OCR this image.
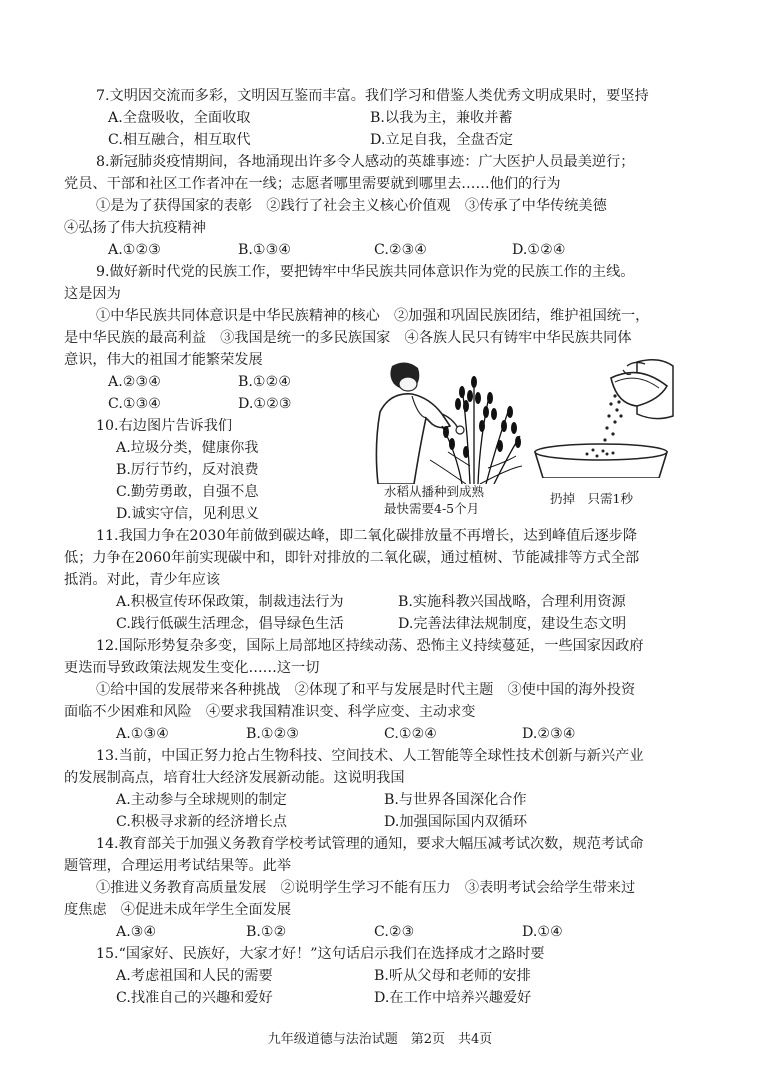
7.文明因交流而多彩，文明因互鉴而丰富。我们学习和借鉴人类优秀文明成果时，要坚持
A.全盘吸收，全面收取	B.以我为主，兼收并蓄
C.相互融合，相互取代	D.立足自我，全盘否定
8.新冠肺炎疫情期间，各地涌现出许多令人感动的英雄事迹：广大医护人员最美逆行；
党员、干部和社区工作者冲在一线；志愿者哪里需要就到哪里去……他们的行为
①是为了获得国家的表彰　②践行了社会主义核心价值观　③传承了中华传统美德
④弘扬了伟大抗疫精神
A.①②③	B.①③④	C.②③④	D.①②④
9.做好新时代党的民族工作，要把铸牢中华民族共同体意识作为党的民族工作的主线。
这是因为
①中华民族共同体意识是中华民族精神的核心　②加强和巩固民族团结，维护祖国统一，
是中华民族的最高利益　③我国是统一的多民族国家　④各族人民只有铸牢中华民族共同体
意识，伟大的祖国才能繁荣发展
A.②③④	B.①②④
C.①③④	D.①②③
10.右边图片告诉我们
A.垃圾分类，健康你我
B.厉行节约，反对浪费
C.勤劳勇敢，自强不息
D.诚实守信，见利思义
水稻从播种到成熟
最快需要4-5个月
扔掉　只需1秒
11.我国力争在2030年前做到碳达峰，即二氧化碳排放量不再增长，达到峰值后逐步降
低；力争在2060年前实现碳中和，即针对排放的二氧化碳，通过植树、节能减排等方式全部
抵消。对此，青少年应该
A.积极宣传环保政策，制裁违法行为	B.实施科教兴国战略，合理利用资源
C.践行低碳生活理念，倡导绿色生活	D.完善法律法规制度，建设生态文明
12.国际形势复杂多变，国际上局部地区持续动荡、恐怖主义持续蔓延，一些国家因政府
更迭而导致政策法规发生变化……这一切
①给中国的发展带来各种挑战　②体现了和平与发展是时代主题　③使中国的海外投资
面临不少困难和风险　④要求我国精准识变、科学应变、主动求变
A.①③④	B.①②③	C.①②④	D.②③④
13.当前，中国正努力抢占生物科技、空间技术、人工智能等全球性技术创新与新兴产业
的发展制高点，培育壮大经济发展新动能。这说明我国
A.主动参与全球规则的制定	B.与世界各国深化合作
C.积极寻求新的经济增长点	D.加强国际国内双循环
14.教育部关于加强义务教育学校考试管理的通知，要求大幅压减考试次数，规范考试命
题管理，合理运用考试结果等。此举
①推进义务教育高质量发展　②说明学生学习不能有压力　③表明考试会给学生带来过
度焦虑　④促进未成年学生全面发展
A.③④	B.①②	C.②③	D.①④
15.“国家好、民族好，大家才好！”这句话启示我们在选择成才之路时要
A.考虑祖国和人民的需要	B.听从父母和老师的安排
C.找准自己的兴趣和爱好	D.在工作中培养兴趣爱好
九年级道德与法治试题　第2页　共4页
